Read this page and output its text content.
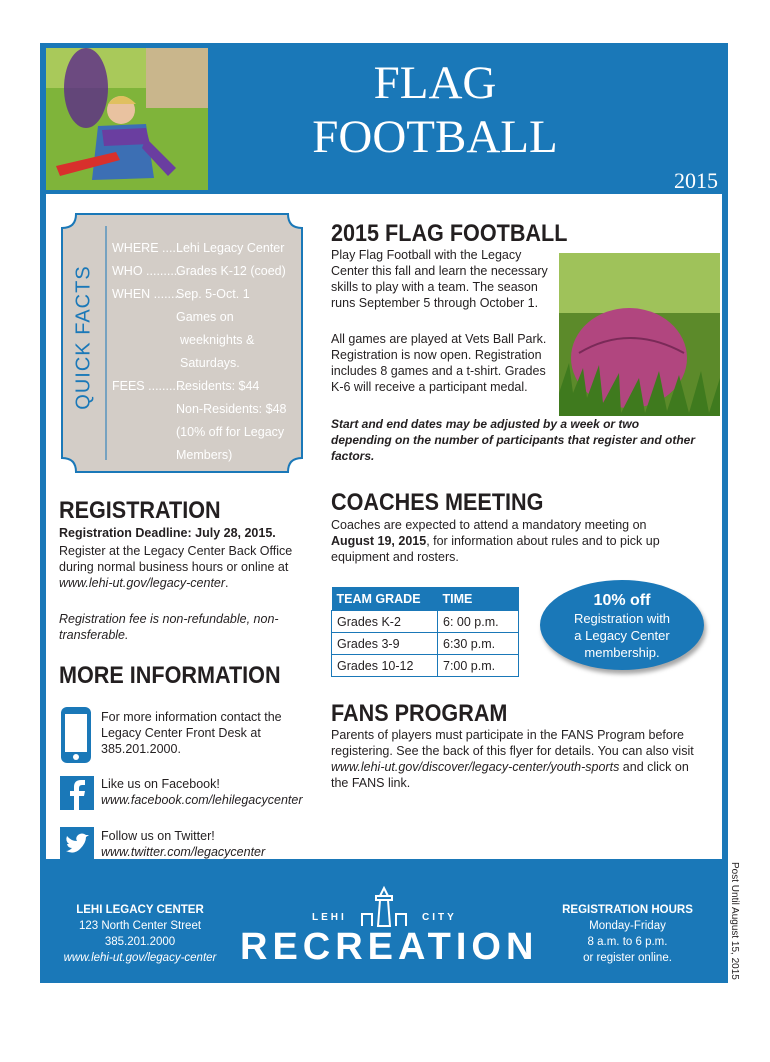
FLAG
FOOTBALL
2015
QUICK FACTS
WHERE ......
Lehi Legacy Center
WHO ..........
Grades K-12 (coed)
WHEN ........
Sep. 5-Oct. 1
Games on
weeknights &
Saturdays.
FEES ...........
Residents: $44
Non-Residents: $48
(10% off for Legacy
Members)
2015 FLAG FOOTBALL
Play Flag Football with the Legacy Center this fall and learn the necessary skills to play with a team. The season runs September 5 through October 1.
All games are played at Vets Ball Park. Registration is now open. Registration includes 8 games and a t-shirt. Grades K-6 will receive a participant medal.
Start and end dates may be adjusted by a week or two depending on the number of participants that register and other factors.
REGISTRATION
Registration Deadline: July 28, 2015.
Register at the Legacy Center Back Office during normal business hours or online at www.lehi-ut.gov/legacy-center.
Registration fee is non-refundable, non-transferable.
MORE INFORMATION
For more information contact the Legacy Center Front Desk at 385.201.2000.
Like us on Facebook!
www.facebook.com/lehilegacycenter
Follow us on Twitter!
www.twitter.com/legacycenter
COACHES MEETING
Coaches are expected to attend a mandatory meeting on August 19, 2015, for information about rules and to pick up equipment and rosters.
TEAM GRADE	TIME
Grades K-2	6: 00 p.m.
Grades 3-9	6:30 p.m.
Grades 10-12	7:00 p.m.
10% off
Registration with
a Legacy Center
membership.
FANS PROGRAM
Parents of players must participate in the FANS Program before registering. See the back of this flyer for details. You can also visit www.lehi-ut.gov/discover/legacy-center/youth-sports and click on the FANS link.
LEHI LEGACY CENTER
123 North Center Street
385.201.2000
www.lehi-ut.gov/legacy-center
LEHI	CITY
RECREATION
REGISTRATION HOURS
Monday-Friday
8 a.m. to 6 p.m.
or register online.	Post Until August 15, 2015
